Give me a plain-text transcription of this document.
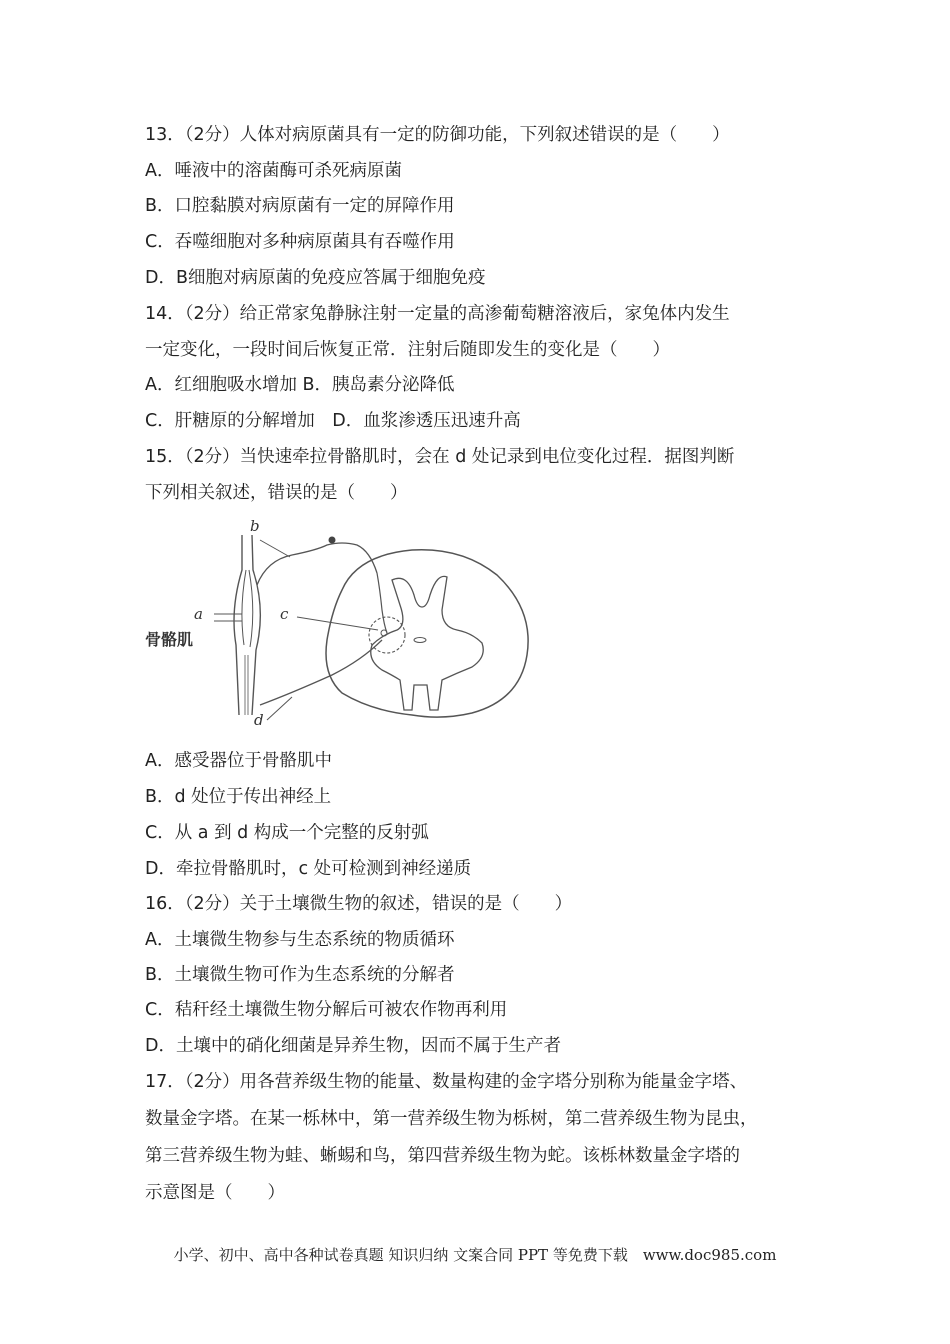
13．（2分）人体对病原菌具有一定的防御功能，下列叙述错误的是（　　）
A．唾液中的溶菌酶可杀死病原菌
B．口腔黏膜对病原菌有一定的屏障作用
C．吞噬细胞对多种病原菌具有吞噬作用
D．B细胞对病原菌的免疫应答属于细胞免疫
14．（2分）给正常家兔静脉注射一定量的高渗葡萄糖溶液后，家兔体内发生
一定变化，一段时间后恢复正常．注射后随即发生的变化是（　　）
A．红细胞吸水增加 B．胰岛素分泌降低
C．肝糖原的分解增加　D．血浆渗透压迅速升高
15．（2分）当快速牵拉骨骼肌时，会在 d 处记录到电位变化过程．据图判断
下列相关叙述，错误的是（　　）
b
a	c
d
骨骼肌
A．感受器位于骨骼肌中
B．d 处位于传出神经上
C．从 a 到 d 构成一个完整的反射弧
D．牵拉骨骼肌时，c 处可检测到神经递质
16．（2分）关于土壤微生物的叙述，错误的是（　　）
A．土壤微生物参与生态系统的物质循环
B．土壤微生物可作为生态系统的分解者
C．秸秆经土壤微生物分解后可被农作物再利用
D．土壤中的硝化细菌是异养生物，因而不属于生产者
17．（2分）用各营养级生物的能量、数量构建的金字塔分别称为能量金字塔、
数量金字塔。在某一栎林中，第一营养级生物为栎树，第二营养级生物为昆虫，
第三营养级生物为蛙、蜥蜴和鸟，第四营养级生物为蛇。该栎林数量金字塔的
示意图是（　　）
小学、初中、高中各种试卷真题 知识归纳 文案合同 PPT 等免费下载　www.doc985.com
